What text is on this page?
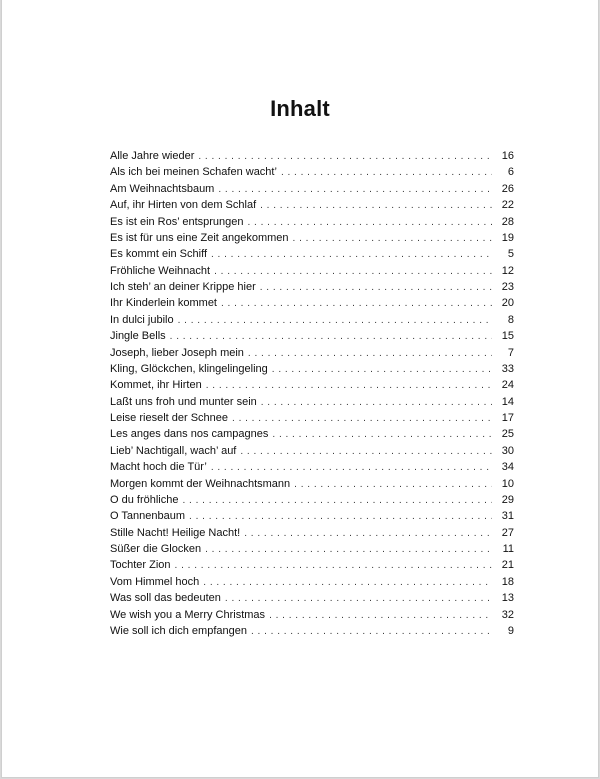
Inhalt
Alle Jahre wieder . . .	16
Als ich bei meinen Schafen wacht’ . . .	6
Am Weihnachtsbaum . . .	26
Auf, ihr Hirten von dem Schlaf . . .	22
Es ist ein Ros’ entsprungen . . .	28
Es ist für uns eine Zeit angekommen . . .	19
Es kommt ein Schiff . . .	5
Fröhliche Weihnacht . . .	12
Ich steh’ an deiner Krippe hier . . .	23
Ihr Kinderlein kommet . . .	20
In dulci jubilo . . .	8
Jingle Bells . . .	15
Joseph, lieber Joseph mein . . .	7
Kling, Glöckchen, klingelingeling . . .	33
Kommet, ihr Hirten . . .	24
Laßt uns froh und munter sein . . .	14
Leise rieselt der Schnee . . .	17
Les anges dans nos campagnes . . .	25
Lieb’ Nachtigall, wach’ auf . . .	30
Macht hoch die Tür’ . . .	34
Morgen kommt der Weihnachtsmann . . .	10
O du fröhliche . . .	29
O Tannenbaum . . .	31
Stille Nacht! Heilige Nacht! . . .	27
Süßer die Glocken . . .	11
Tochter Zion . . .	21
Vom Himmel hoch . . .	18
Was soll das bedeuten . . .	13
We wish you a Merry Christmas . . .	32
Wie soll ich dich empfangen . . .	9
